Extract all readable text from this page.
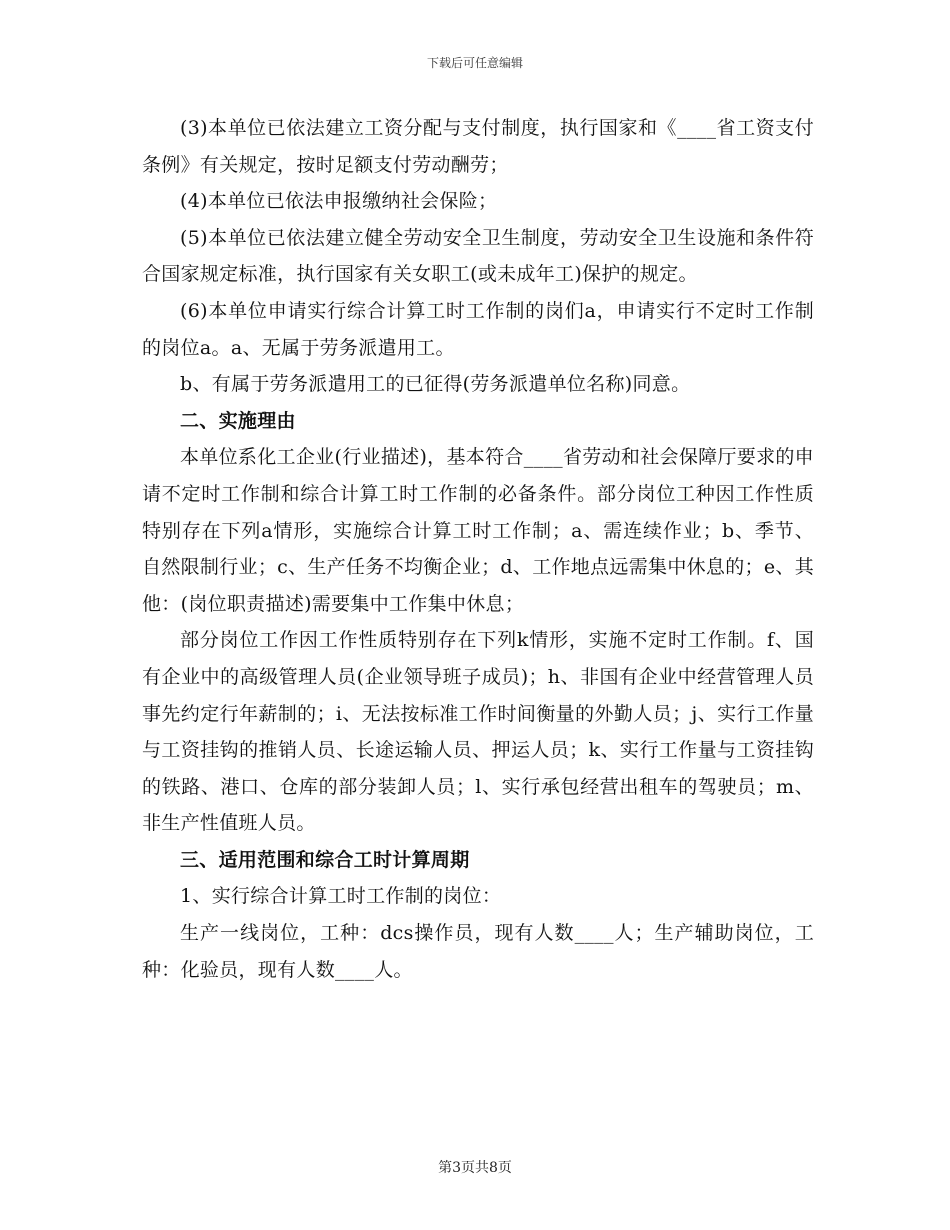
下载后可任意编辑

(3)本单位已依法建立工资分配与支付制度，执行国家和《____省工资支付条例》有关规定，按时足额支付劳动酬劳；

(4)本单位已依法申报缴纳社会保险；

(5)本单位已依法建立健全劳动安全卫生制度，劳动安全卫生设施和条件符合国家规定标准，执行国家有关女职工(或未成年工)保护的规定。

(6)本单位申请实行综合计算工时工作制的岗们a，申请实行不定时工作制的岗位a。a、无属于劳务派遣用工。

b、有属于劳务派遣用工的已征得(劳务派遣单位名称)同意。

二、实施理由

本单位系化工企业(行业描述)，基本符合____省劳动和社会保障厅要求的申请不定时工作制和综合计算工时工作制的必备条件。部分岗位工种因工作性质特别存在下列a情形，实施综合计算工时工作制；a、需连续作业；b、季节、自然限制行业；c、生产任务不均衡企业；d、工作地点远需集中休息的；e、其他：(岗位职责描述)需要集中工作集中休息；

部分岗位工作因工作性质特别存在下列k情形，实施不定时工作制。f、国有企业中的高级管理人员(企业领导班子成员)；h、非国有企业中经营管理人员事先约定行年薪制的；i、无法按标准工作时间衡量的外勤人员；j、实行工作量与工资挂钩的推销人员、长途运输人员、押运人员；k、实行工作量与工资挂钩的铁路、港口、仓库的部分装卸人员；l、实行承包经营出租车的驾驶员；m、非生产性值班人员。

三、适用范围和综合工时计算周期

1、实行综合计算工时工作制的岗位：

生产一线岗位，工种：dcs操作员，现有人数____人；生产辅助岗位，工种：化验员，现有人数____人。

第3页共8页
